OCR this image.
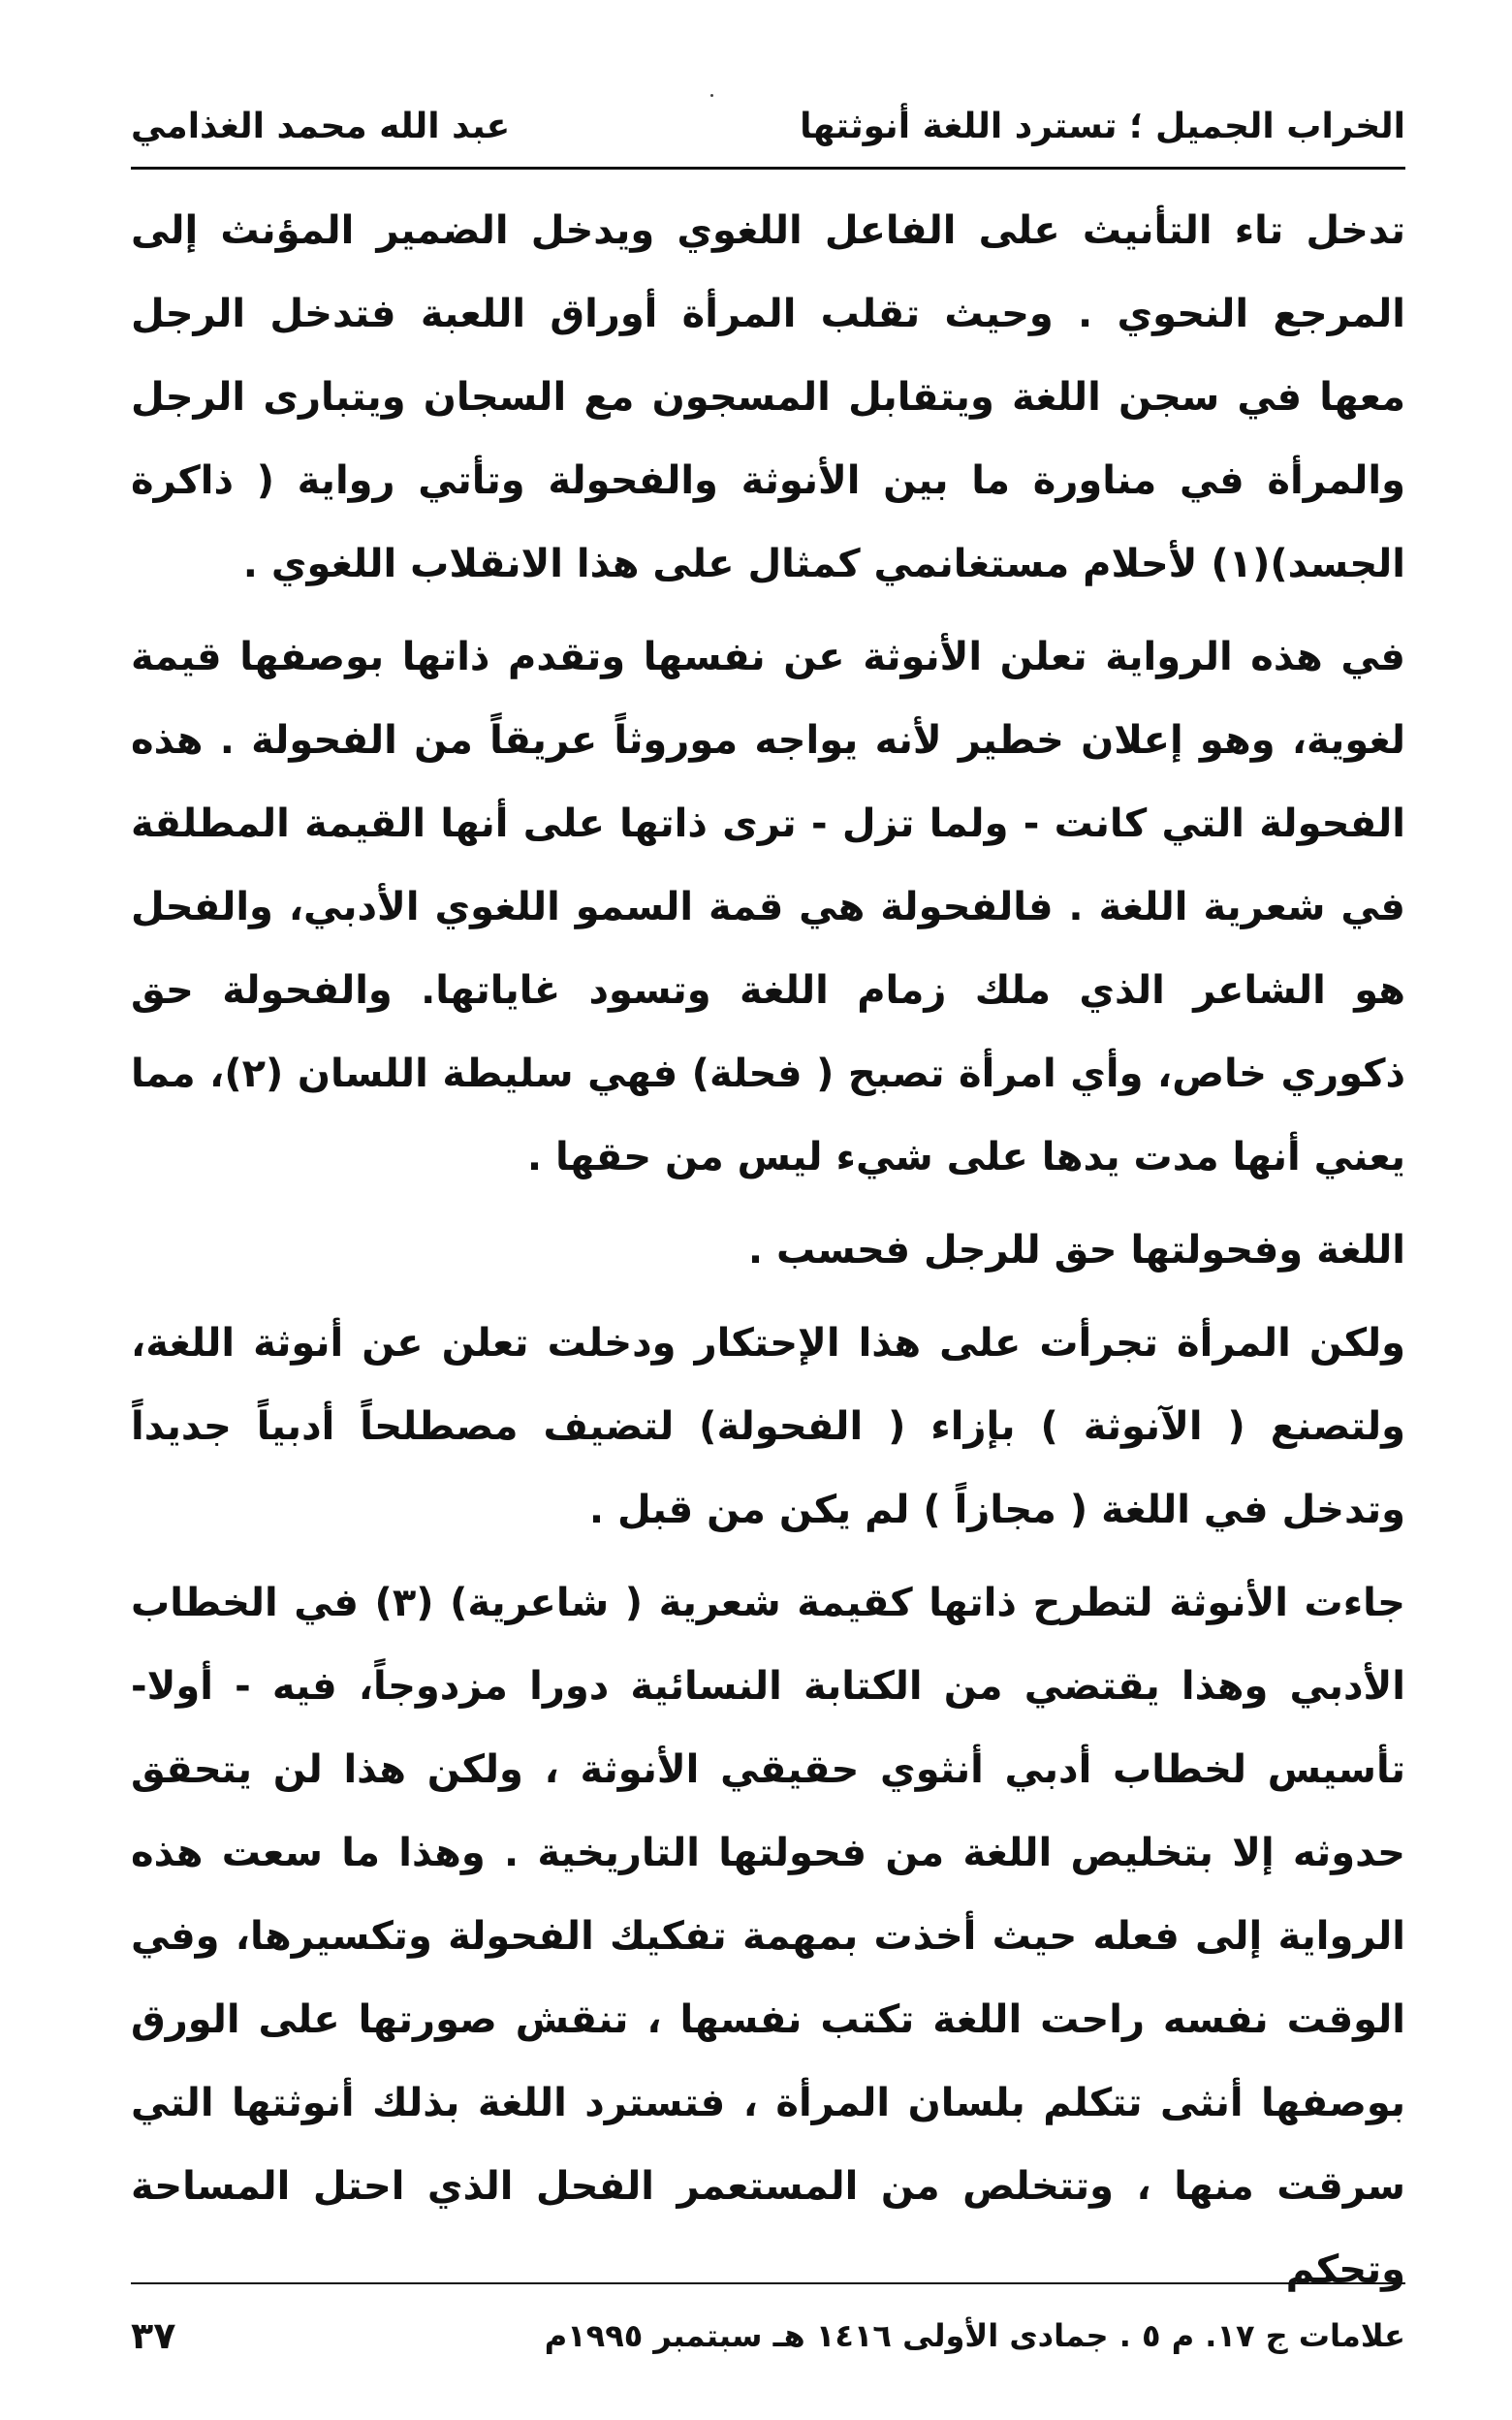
الخراب الجميل ؛ تسترد اللغة أنوثتها
عبد الله محمد الغذامي

تدخل تاء التأنيث على الفاعل اللغوي ويدخل الضمير المؤنث إلى المرجع النحوي . وحيث تقلب المرأة أوراق اللعبة فتدخل الرجل معها في سجن اللغة ويتقابل المسجون مع السجان ويتبارى الرجل والمرأة في مناورة ما بين الأنوثة والفحولة وتأتي رواية ( ذاكرة الجسد)(١) لأحلام مستغانمي كمثال على هذا الانقلاب اللغوي .

في هذه الرواية تعلن الأنوثة عن نفسها وتقدم ذاتها بوصفها قيمة لغوية، وهو إعلان خطير لأنه يواجه موروثاً عريقاً من الفحولة . هذه الفحولة التي كانت - ولما تزل - ترى ذاتها على أنها القيمة المطلقة في شعرية اللغة . فالفحولة هي قمة السمو اللغوي الأدبي، والفحل هو الشاعر الذي ملك زمام اللغة وتسود غاياتها. والفحولة حق ذكوري خاص، وأي امرأة تصبح ( فحلة) فهي سليطة اللسان (٢)، مما يعني أنها مدت يدها على شيء ليس من حقها .

اللغة وفحولتها حق للرجل فحسب .

ولكن المرأة تجرأت على هذا الإحتكار ودخلت تعلن عن أنوثة اللغة، ولتصنع ( الآنوثة ) بإزاء ( الفحولة) لتضيف مصطلحاً أدبياً جديداً وتدخل في اللغة ( مجازاً ) لم يكن من قبل .

جاءت الأنوثة لتطرح ذاتها كقيمة شعرية ( شاعرية) (٣) في الخطاب الأدبي وهذا يقتضي من الكتابة النسائية دورا مزدوجاً، فيه - أولا- تأسيس لخطاب أدبي أنثوي حقيقي الأنوثة ، ولكن هذا لن يتحقق حدوثه إلا بتخليص اللغة من فحولتها التاريخية . وهذا ما سعت هذه الرواية إلى فعله حيث أخذت بمهمة تفكيك الفحولة وتكسيرها، وفي الوقت نفسه راحت اللغة تكتب نفسها ، تنقش صورتها على الورق بوصفها أنثى تتكلم بلسان المرأة ، فتسترد اللغة بذلك أنوثتها التي سرقت منها ، وتتخلص من المستعمر الفحل الذي احتل المساحة وتحكم

علامات ج ١٧. م ٥ . جمادى الأولى ١٤١٦ هـ سبتمبر ١٩٩٥م
٣٧
